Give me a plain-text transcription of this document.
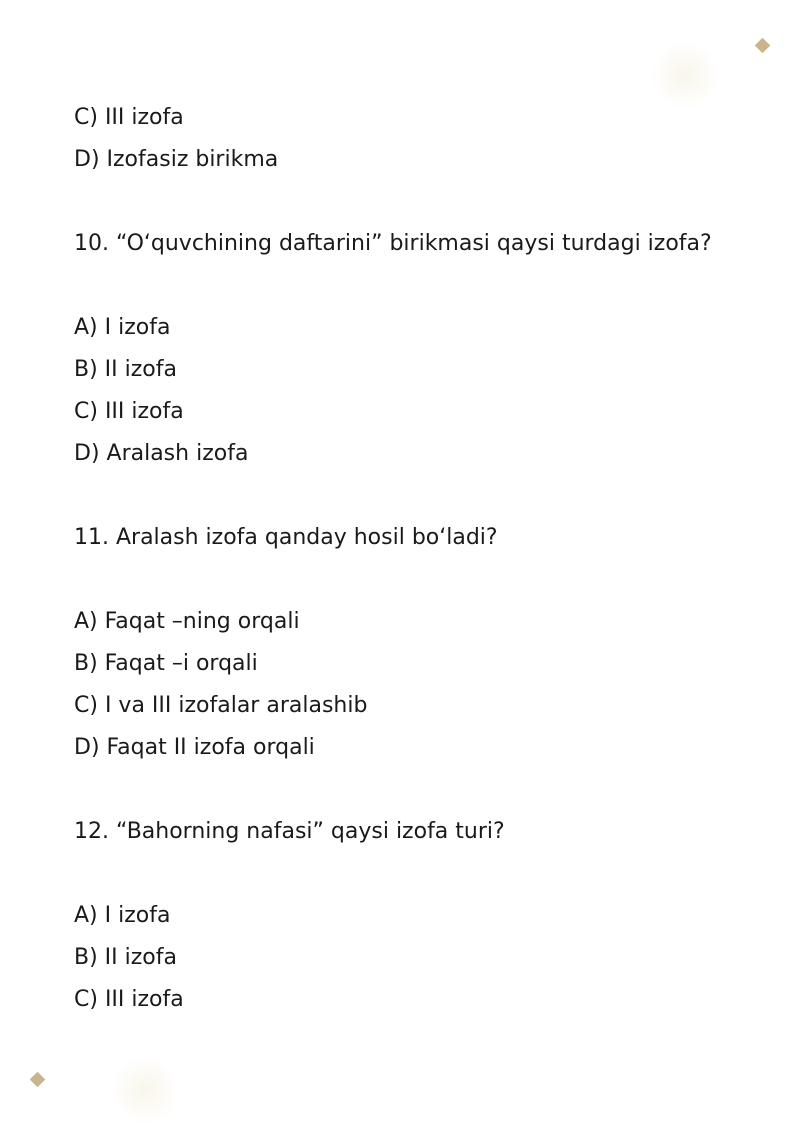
C) III izofa
D) Izofasiz birikma
10. “O‘quvchining daftarini” birikmasi qaysi turdagi izofa?
A) I izofa
B) II izofa
C) III izofa
D) Aralash izofa
11. Aralash izofa qanday hosil bo‘ladi?
A) Faqat –ning orqali
B) Faqat –i orqali
C) I va III izofalar aralashib
D) Faqat II izofa orqali
12. “Bahorning nafasi” qaysi izofa turi?
A) I izofa
B) II izofa
C) III izofa
